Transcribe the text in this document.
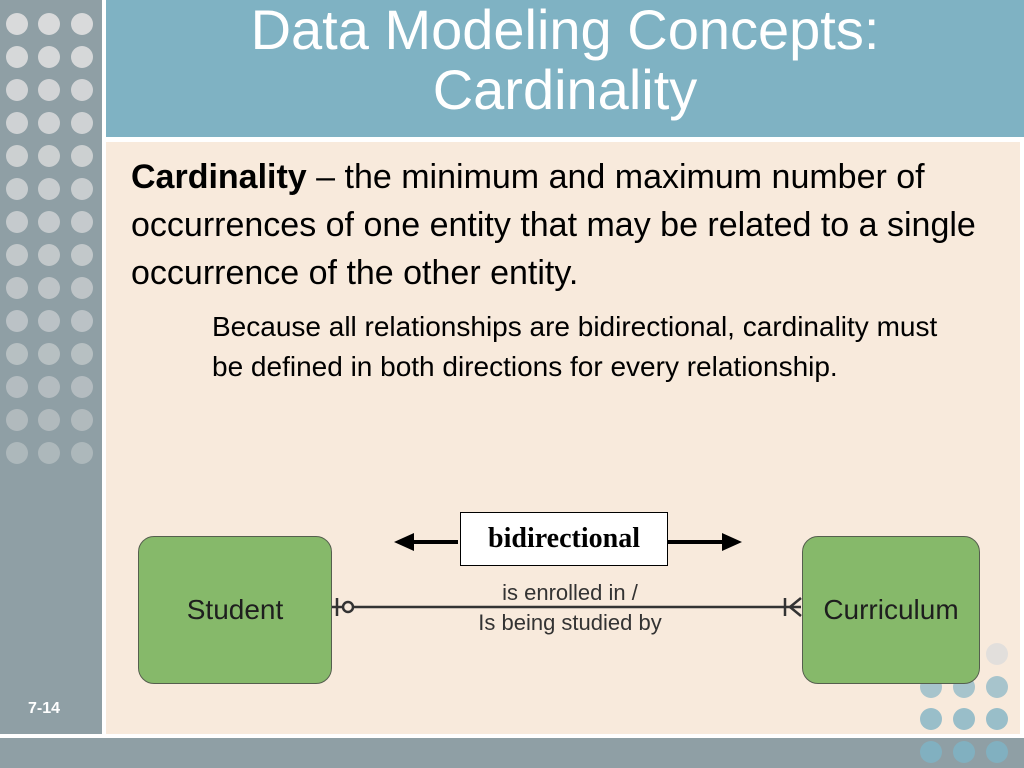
Data Modeling Concepts:
Cardinality
Cardinality – the minimum and maximum number of occurrences of one entity that may be related to a single occurrence of the other entity.
Because all relationships are bidirectional, cardinality must be defined in both directions for every relationship.
bidirectional
Student	Curriculum
is enrolled in /
Is being studied by
7-14
